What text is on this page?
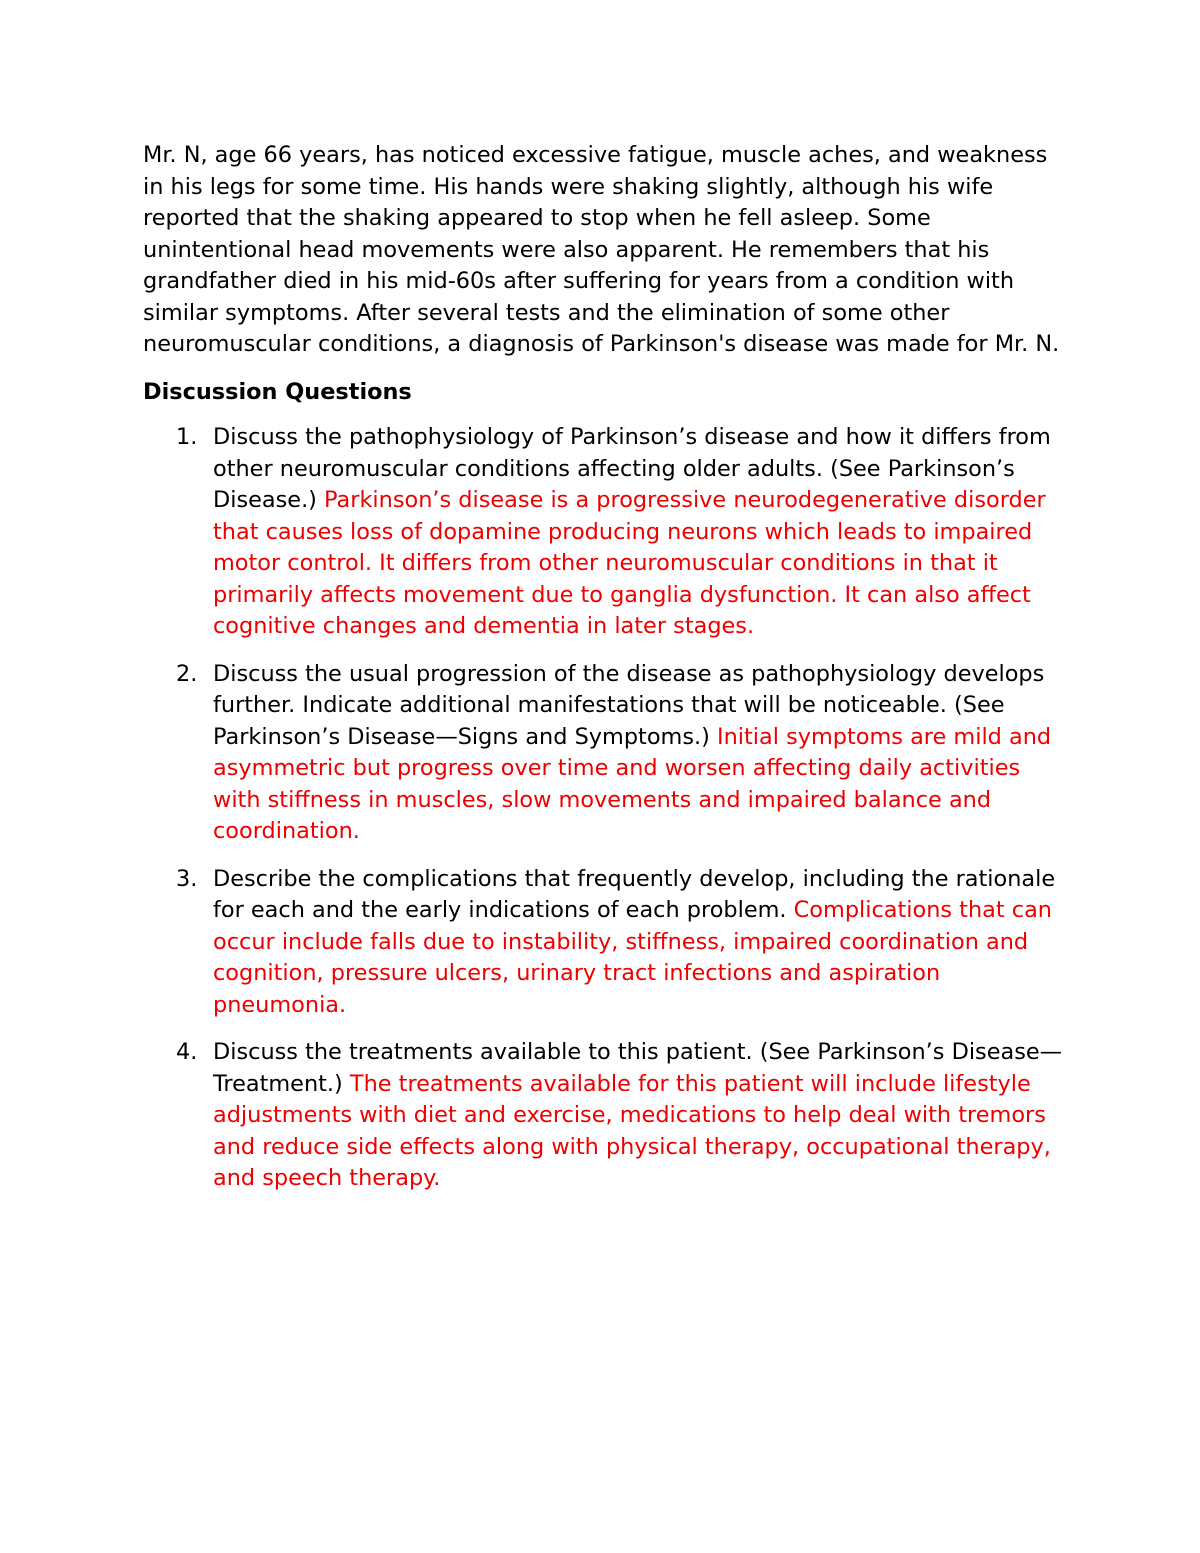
Mr. N, age 66 years, has noticed excessive fatigue, muscle aches, and weakness in his legs for some time. His hands were shaking slightly, although his wife reported that the shaking appeared to stop when he fell asleep. Some unintentional head movements were also apparent. He remembers that his grandfather died in his mid-60s after suffering for years from a condition with similar symptoms. After several tests and the elimination of some other neuromuscular conditions, a diagnosis of Parkinson's disease was made for Mr. N.

Discussion Questions
1. Discuss the pathophysiology of Parkinson’s disease and how it differs from other neuromuscular conditions affecting older adults. (See Parkinson’s Disease.) Parkinson’s disease is a progressive neurodegenerative disorder that causes loss of dopamine producing neurons which leads to impaired motor control. It differs from other neuromuscular conditions in that it primarily affects movement due to ganglia dysfunction. It can also affect cognitive changes and dementia in later stages.
2. Discuss the usual progression of the disease as pathophysiology develops further. Indicate additional manifestations that will be noticeable. (See Parkinson’s Disease—Signs and Symptoms.) Initial symptoms are mild and asymmetric but progress over time and worsen affecting daily activities with stiffness in muscles, slow movements and impaired balance and coordination.
3. Describe the complications that frequently develop, including the rationale for each and the early indications of each problem. Complications that can occur include falls due to instability, stiffness, impaired coordination and cognition, pressure ulcers, urinary tract infections and aspiration pneumonia.
4. Discuss the treatments available to this patient. (See Parkinson’s Disease—Treatment.) The treatments available for this patient will include lifestyle adjustments with diet and exercise, medications to help deal with tremors and reduce side effects along with physical therapy, occupational therapy, and speech therapy.
